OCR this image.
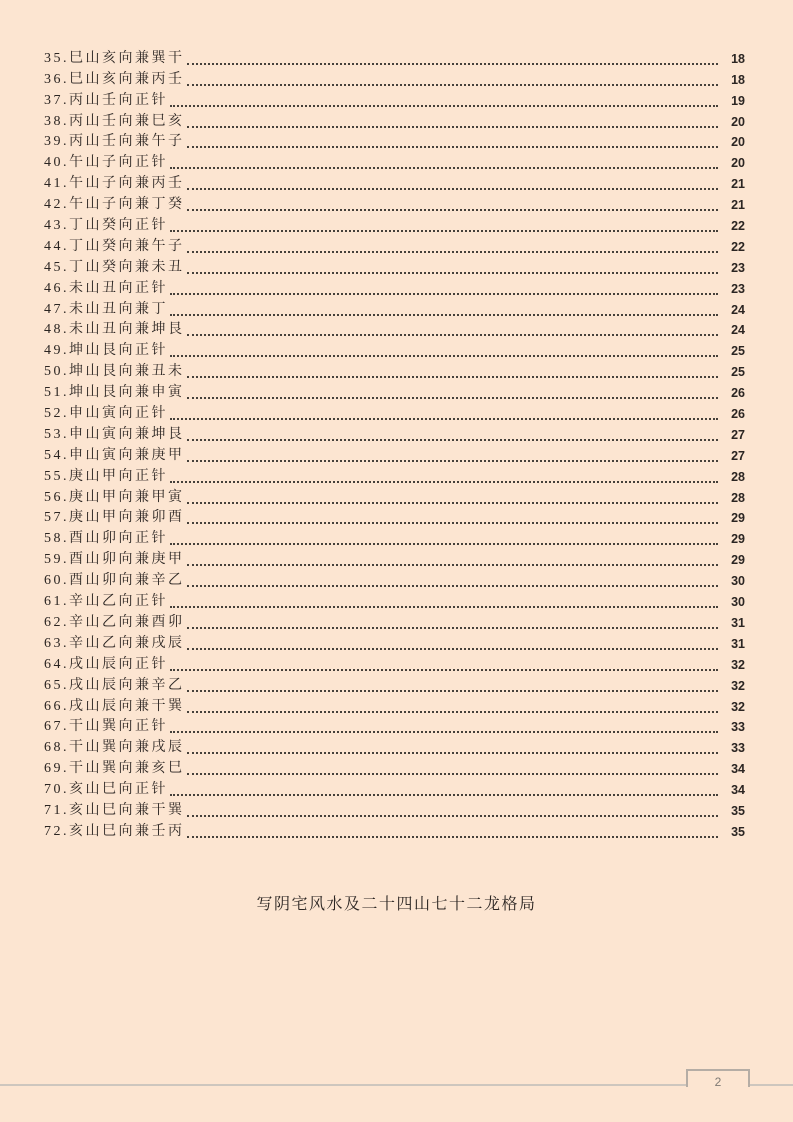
35.巳山亥向兼巽干	18
36.巳山亥向兼丙壬	18
37.丙山壬向正针	19
38.丙山壬向兼巳亥	20
39.丙山壬向兼午子	20
40.午山子向正针	20
41.午山子向兼丙壬	21
42.午山子向兼丁癸	21
43.丁山癸向正针	22
44.丁山癸向兼午子	22
45.丁山癸向兼未丑	23
46.未山丑向正针	23
47.未山丑向兼丁	24
48.未山丑向兼坤艮	24
49.坤山艮向正针	25
50.坤山艮向兼丑未	25
51.坤山艮向兼申寅	26
52.申山寅向正针	26
53.申山寅向兼坤艮	27
54.申山寅向兼庚甲	27
55.庚山甲向正针	28
56.庚山甲向兼甲寅	28
57.庚山甲向兼卯酉	29
58.酉山卯向正针	29
59.酉山卯向兼庚甲	29
60.酉山卯向兼辛乙	30
61.辛山乙向正针	30
62.辛山乙向兼酉卯	31
63.辛山乙向兼戌辰	31
64.戌山辰向正针	32
65.戌山辰向兼辛乙	32
66.戌山辰向兼干巽	32
67.干山巽向正针	33
68.干山巽向兼戌辰	33
69.干山巽向兼亥巳	34
70.亥山巳向正针	34
71.亥山巳向兼干巽	35
72.亥山巳向兼壬丙	35
写阴宅风水及二十四山七十二龙格局
2
